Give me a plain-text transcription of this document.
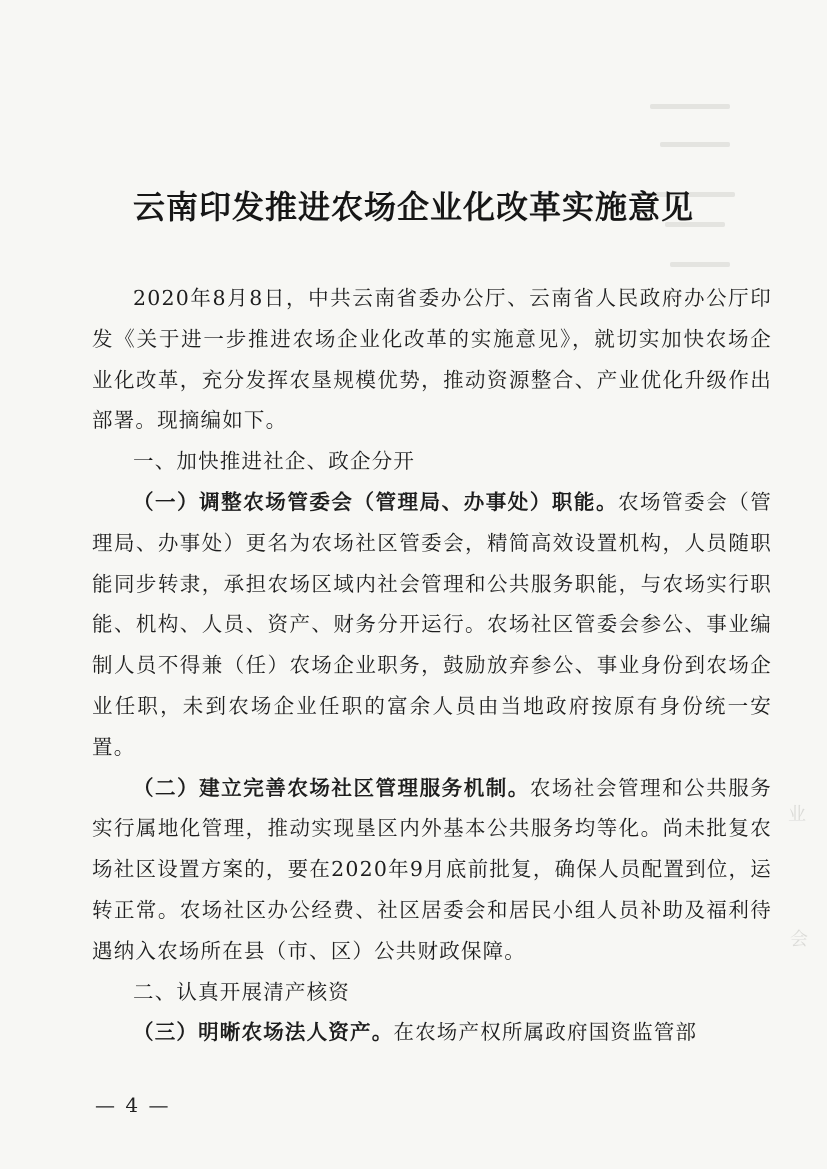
云南印发推进农场企业化改革实施意见

2020年8月8日，中共云南省委办公厅、云南省人民政府办公厅印发《关于进一步推进农场企业化改革的实施意见》，就切实加快农场企业化改革，充分发挥农垦规模优势，推动资源整合、产业优化升级作出部署。现摘编如下。

一、加快推进社企、政企分开

（一）调整农场管委会（管理局、办事处）职能。农场管委会（管理局、办事处）更名为农场社区管委会，精简高效设置机构，人员随职能同步转隶，承担农场区域内社会管理和公共服务职能，与农场实行职能、机构、人员、资产、财务分开运行。农场社区管委会参公、事业编制人员不得兼（任）农场企业职务，鼓励放弃参公、事业身份到农场企业任职，未到农场企业任职的富余人员由当地政府按原有身份统一安置。

（二）建立完善农场社区管理服务机制。农场社会管理和公共服务实行属地化管理，推动实现垦区内外基本公共服务均等化。尚未批复农场社区设置方案的，要在2020年9月底前批复，确保人员配置到位，运转正常。农场社区办公经费、社区居委会和居民小组人员补助及福利待遇纳入农场所在县（市、区）公共财政保障。

二、认真开展清产核资

（三）明晰农场法人资产。在农场产权所属政府国资监管部

— 4 —
业
会
